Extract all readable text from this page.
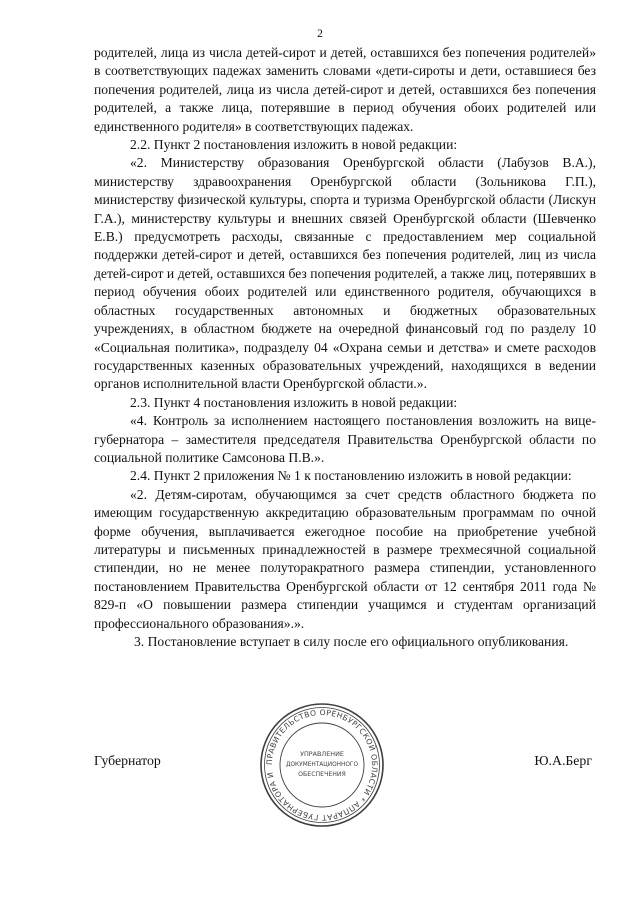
2

родителей, лица из числа детей-сирот и детей, оставшихся без попечения родителей» в соответствующих падежах заменить словами «дети-сироты и дети, оставшиеся без попечения родителей, лица из числа детей-сирот и детей, оставшихся без попечения родителей, а также лица, потерявшие в период обучения обоих родителей или единственного родителя» в соответствующих падежах.

2.2. Пункт 2 постановления изложить в новой редакции:

«2. Министерству образования Оренбургской области (Лабузов В.А.), министерству здравоохранения Оренбургской области (Зольникова Г.П.), министерству физической культуры, спорта и туризма Оренбургской области (Лискун Г.А.), министерству культуры и внешних связей Оренбургской области (Шевченко Е.В.) предусмотреть расходы, связанные с предоставлением мер социальной поддержки детей-сирот и детей, оставшихся без попечения родителей, лиц из числа детей-сирот и детей, оставшихся без попечения родителей, а также лиц, потерявших в период обучения обоих родителей или единственного родителя, обучающихся в областных государственных автономных и бюджетных образовательных учреждениях, в областном бюджете на очередной финансовый год по разделу 10 «Социальная политика», подразделу 04 «Охрана семьи и детства» и смете расходов государственных казенных образовательных учреждений, находящихся в ведении органов исполнительной власти Оренбургской области.».

2.3. Пункт 4 постановления изложить в новой редакции:

«4. Контроль за исполнением настоящего постановления возложить на вице-губернатора – заместителя председателя Правительства Оренбургской области по социальной политике Самсонова П.В.».

2.4. Пункт 2 приложения № 1 к постановлению изложить в новой редакции:

«2. Детям-сиротам, обучающимся за счет средств областного бюджета по имеющим государственную аккредитацию образовательным программам по очной форме обучения, выплачивается ежегодное пособие на приобретение учебной литературы и письменных принадлежностей в размере трехмесячной социальной стипендии, но не менее полуторакратного размера стипендии, установленного постановлением Правительства Оренбургской области от 12 сентября 2011 года № 829-п «О повышении размера стипендии учащимся и студентам организаций профессионального образования».».

3. Постановление вступает в силу после его официального опубликования.

ПРАВИТЕЛЬСТВО ОРЕНБУРГСКОЙ ОБЛАСТИ * АППАРАТ ГУБЕРНАТОРА И
УПРАВЛЕНИЕ
ДОКУМЕНТАЦИОННОГО
ОБЕСПЕЧЕНИЯ
Губернатор	Ю.А.Берг
